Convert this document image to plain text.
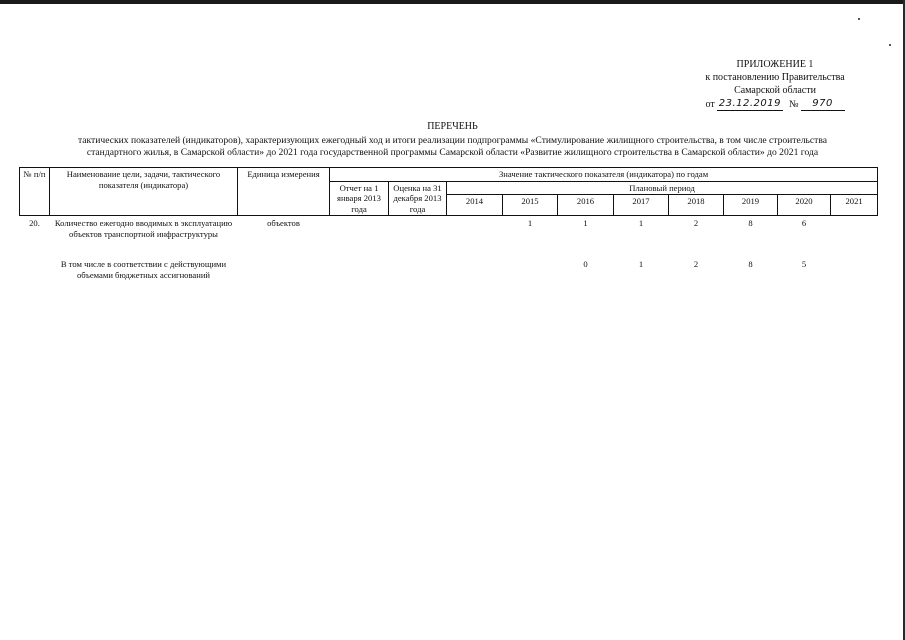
ПРИЛОЖЕНИЕ 1
к постановлению Правительства
Самарской области
от 23.12.2019 №	970
ПЕРЕЧЕНЬ
тактических показателей (индикаторов), характеризующих ежегодный ход и итоги реализации подпрограммы «Стимулирование жилищного строительства, в том числе строительства
стандартного жилья, в Самарской области» до 2021 года государственной программы Самарской области «Развитие жилищного строительства в Самарской области» до 2021 года
№ п/п	Наименование цели, задачи, тактического показателя (индикатора)	Единица измерения	Значение тактического показателя (индикатора) по годам									
			Отчет на 1 января 2013 года	Оценка на 31 декабря 2013 года	Плановый период							
					2014	2015	2016	2017	2018	2019	2020	2021
20.	Количество ежегодно вводимых в эксплуатацию объектов транспортной инфраструктуры	объектов				1	1	1	2	8	6	

	В том числе в соответствии с действующими объемами бюджетных ассигнований						0	1	2	8	5	
